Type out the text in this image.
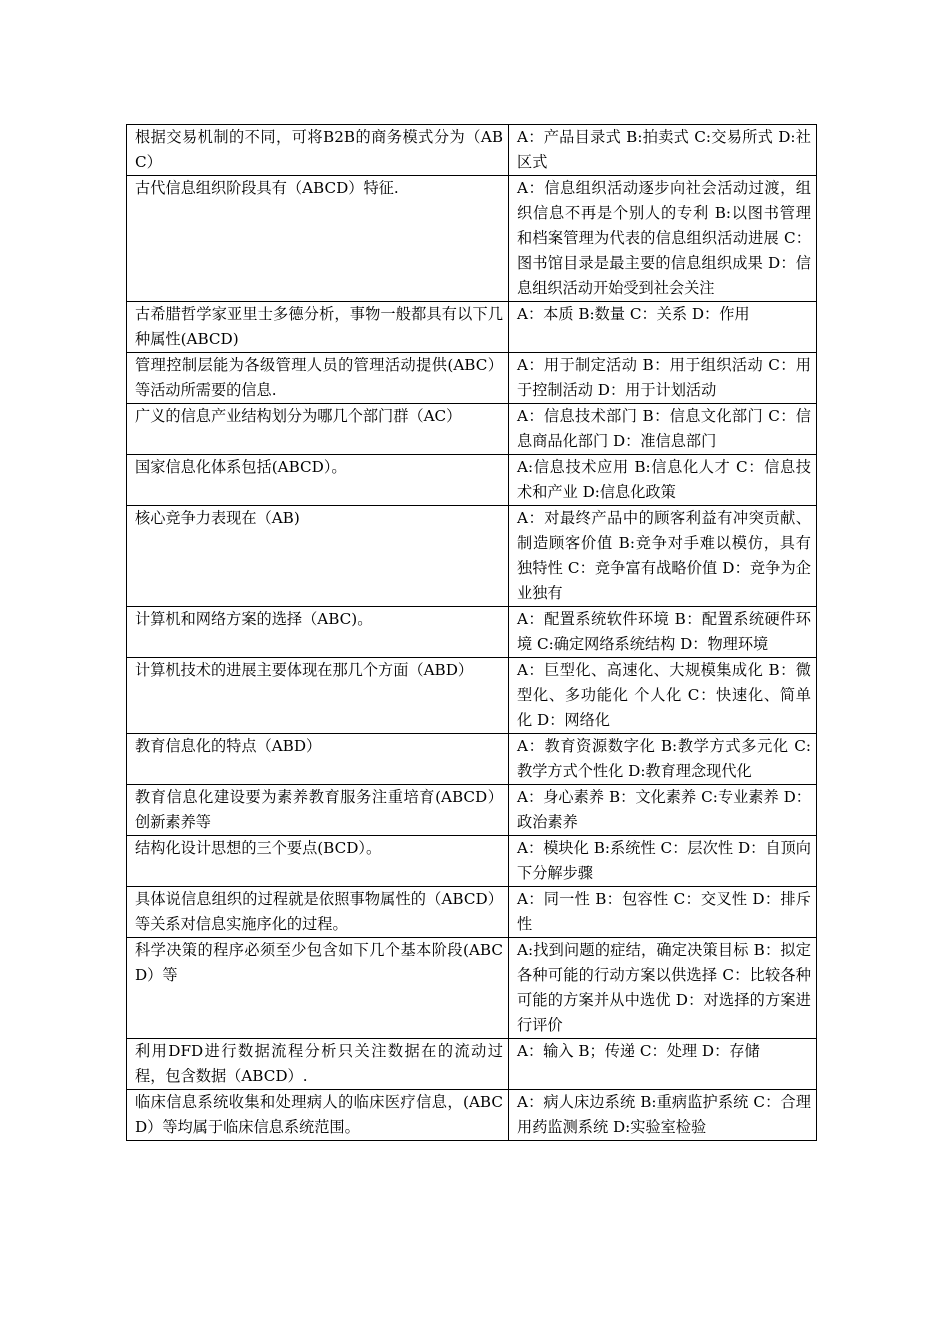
根据交易机制的不同，可将B2B的商务模式分为（ABC）	A：产品目录式 B:拍卖式 C:交易所式 D:社区式
古代信息组织阶段具有（ABCD）特征.	A：信息组织活动逐步向社会活动过渡，组织信息不再是个别人的专利 B:以图书管理和档案管理为代表的信息组织活动进展 C：图书馆目录是最主要的信息组织成果 D：信息组织活动开始受到社会关注
古希腊哲学家亚里士多德分析，事物一般都具有以下几种属性(ABCD)	A：本质 B:数量 C：关系 D：作用
管理控制层能为各级管理人员的管理活动提供(ABC）等活动所需要的信息.	A：用于制定活动 B：用于组织活动 C：用于控制活动 D：用于计划活动
广义的信息产业结构划分为哪几个部门群（AC）	A：信息技术部门 B：信息文化部门 C：信息商品化部门 D：准信息部门
国家信息化体系包括(ABCD）。	A:信息技术应用 B:信息化人才 C：信息技术和产业 D:信息化政策
核心竞争力表现在（AB)	A：对最终产品中的顾客利益有冲突贡献、制造顾客价值 B:竞争对手难以模仿，具有独特性 C：竞争富有战略价值 D：竞争为企业独有
计算机和网络方案的选择（ABC)。	A：配置系统软件环境 B：配置系统硬件环境 C:确定网络系统结构 D：物理环境
计算机技术的进展主要体现在那几个方面（ABD）	A：巨型化、高速化、大规模集成化 B：微型化、多功能化 个人化 C：快速化、简单化 D：网络化
教育信息化的特点（ABD）	A：教育资源数字化 B:教学方式多元化 C:教学方式个性化 D:教育理念现代化
教育信息化建设要为素养教育服务注重培育(ABCD）创新素养等	A：身心素养 B：文化素养 C:专业素养 D：政治素养
结构化设计思想的三个要点(BCD）。	A：模块化 B:系统性 C：层次性 D：自顶向下分解步骤
具体说信息组织的过程就是依照事物属性的（ABCD）等关系对信息实施序化的过程。	A：同一性 B：包容性 C：交叉性 D：排斥性
科学决策的程序必须至少包含如下几个基本阶段(ABCD）等	A:找到问题的症结，确定决策目标 B：拟定各种可能的行动方案以供选择 C：比较各种可能的方案并从中选优 D：对选择的方案进行评价
利用DFD进行数据流程分析只关注数据在的流动过程，包含数据（ABCD）.	A：输入 B；传递 C：处理 D：存储
临床信息系统收集和处理病人的临床医疗信息，(ABCD）等均属于临床信息系统范围。	A：病人床边系统 B:重病监护系统 C：合理用药监测系统 D:实验室检验
